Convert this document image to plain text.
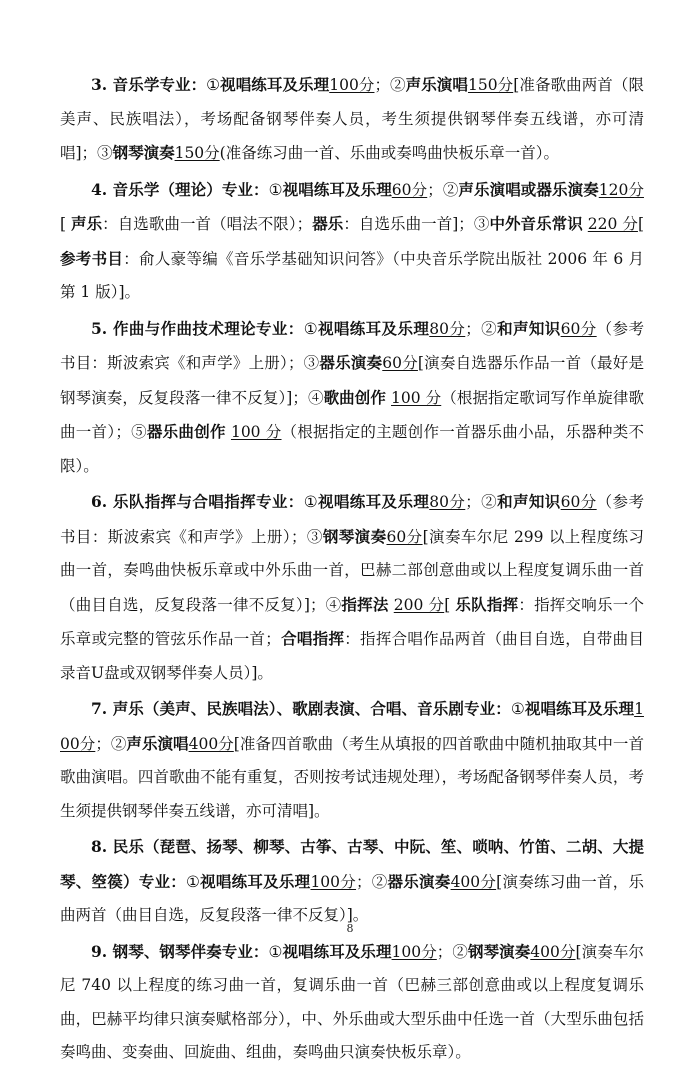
3. 音乐学专业：①视唱练耳及乐理100分；②声乐演唱150分[准备歌曲两首（限美声、民族唱法），考场配备钢琴伴奏人员，考生须提供钢琴伴奏五线谱，亦可清唱]；③钢琴演奏150分(准备练习曲一首、乐曲或奏鸣曲快板乐章一首）。

4. 音乐学（理论）专业：①视唱练耳及乐理60分；②声乐演唱或器乐演奏120分[ 声乐：自选歌曲一首（唱法不限）；器乐：自选乐曲一首]；③中外音乐常识 220 分[ 参考书目：俞人豪等编《音乐学基础知识问答》（中央音乐学院出版社 2006 年 6 月第 1 版）]。

5. 作曲与作曲技术理论专业：①视唱练耳及乐理80分；②和声知识60分（参考书目：斯波索宾《和声学》上册）；③器乐演奏60分[演奏自选器乐作品一首（最好是钢琴演奏，反复段落一律不反复）]；④歌曲创作 100 分（根据指定歌词写作单旋律歌曲一首）；⑤器乐曲创作 100 分（根据指定的主题创作一首器乐曲小品，乐器种类不限）。

6. 乐队指挥与合唱指挥专业：①视唱练耳及乐理80分；②和声知识60分（参考书目：斯波索宾《和声学》上册）；③钢琴演奏60分[演奏车尔尼 299 以上程度练习曲一首，奏鸣曲快板乐章或中外乐曲一首，巴赫二部创意曲或以上程度复调乐曲一首（曲目自选，反复段落一律不反复）]；④指挥法 200 分[ 乐队指挥：指挥交响乐一个乐章或完整的管弦乐作品一首；合唱指挥：指挥合唱作品两首（曲目自选，自带曲目录音U盘或双钢琴伴奏人员）]。

7. 声乐（美声、民族唱法）、歌剧表演、合唱、音乐剧专业：①视唱练耳及乐理100分；②声乐演唱400分[准备四首歌曲（考生从填报的四首歌曲中随机抽取其中一首歌曲演唱。四首歌曲不能有重复，否则按考试违规处理），考场配备钢琴伴奏人员，考生须提供钢琴伴奏五线谱，亦可清唱]。

8. 民乐（琵琶、扬琴、柳琴、古筝、古琴、中阮、笙、唢呐、竹笛、二胡、大提琴、箜篌）专业：①视唱练耳及乐理100分；②器乐演奏400分[演奏练习曲一首，乐曲两首（曲目自选，反复段落一律不反复）]。

9. 钢琴、钢琴伴奏专业：①视唱练耳及乐理100分；②钢琴演奏400分[演奏车尔尼 740 以上程度的练习曲一首，复调乐曲一首（巴赫三部创意曲或以上程度复调乐曲，巴赫平均律只演奏赋格部分），中、外乐曲或大型乐曲中任选一首（大型乐曲包括奏鸣曲、变奏曲、回旋曲、组曲，奏鸣曲只演奏快板乐章）。

8
